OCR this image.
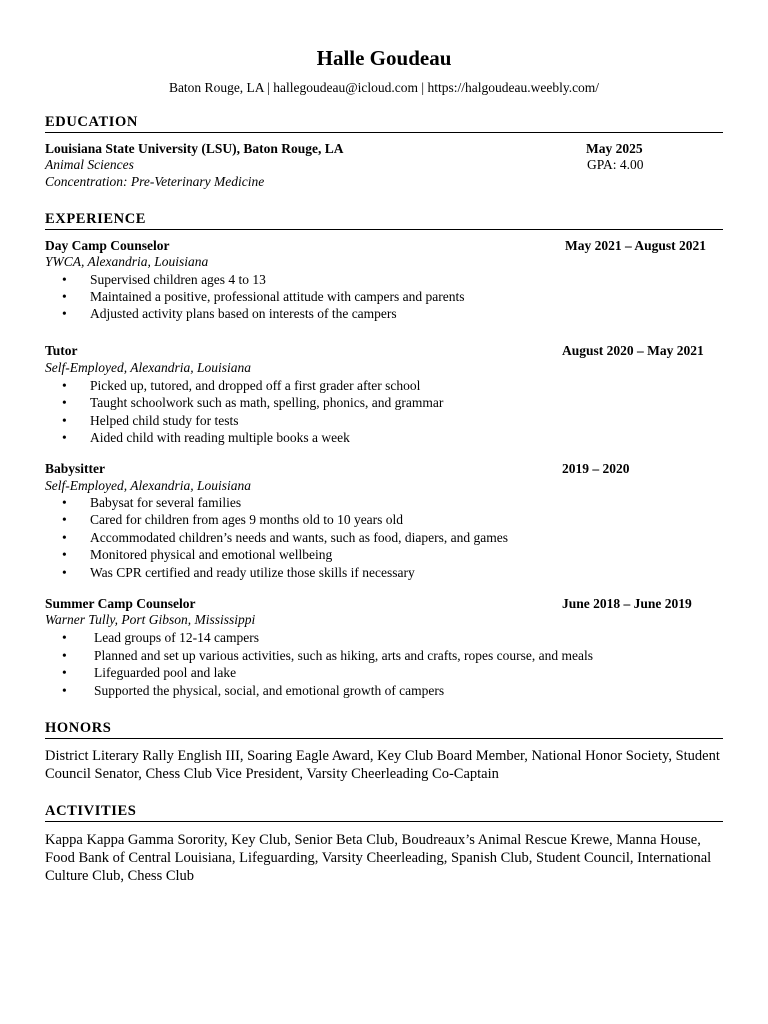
Halle Goudeau
Baton Rouge, LA | hallegoudeau@icloud.com | https://halgoudeau.weebly.com/
EDUCATION
Louisiana State University (LSU), Baton Rouge, LA	May 2025
Animal Sciences	GPA: 4.00
Concentration: Pre-Veterinary Medicine
EXPERIENCE
Day Camp Counselor	May 2021 – August 2021
YWCA, Alexandria, Louisiana
• Supervised children ages 4 to 13
• Maintained a positive, professional attitude with campers and parents
• Adjusted activity plans based on interests of the campers
Tutor	August 2020 – May 2021
Self-Employed, Alexandria, Louisiana
• Picked up, tutored, and dropped off a first grader after school
• Taught schoolwork such as math, spelling, phonics, and grammar
• Helped child study for tests
• Aided child with reading multiple books a week
Babysitter	2019 – 2020
Self-Employed, Alexandria, Louisiana
• Babysat for several families
• Cared for children from ages 9 months old to 10 years old
• Accommodated children’s needs and wants, such as food, diapers, and games
• Monitored physical and emotional wellbeing
• Was CPR certified and ready utilize those skills if necessary
Summer Camp Counselor	June 2018 – June 2019
Warner Tully, Port Gibson, Mississippi
• Lead groups of 12-14 campers
• Planned and set up various activities, such as hiking, arts and crafts, ropes course, and meals
• Lifeguarded pool and lake
• Supported the physical, social, and emotional growth of campers
HONORS
District Literary Rally English III, Soaring Eagle Award, Key Club Board Member, National Honor Society, Student Council Senator, Chess Club Vice President, Varsity Cheerleading Co-Captain
ACTIVITIES
Kappa Kappa Gamma Sorority, Key Club, Senior Beta Club, Boudreaux’s Animal Rescue Krewe, Manna House, Food Bank of Central Louisiana, Lifeguarding, Varsity Cheerleading, Spanish Club, Student Council, International Culture Club, Chess Club
